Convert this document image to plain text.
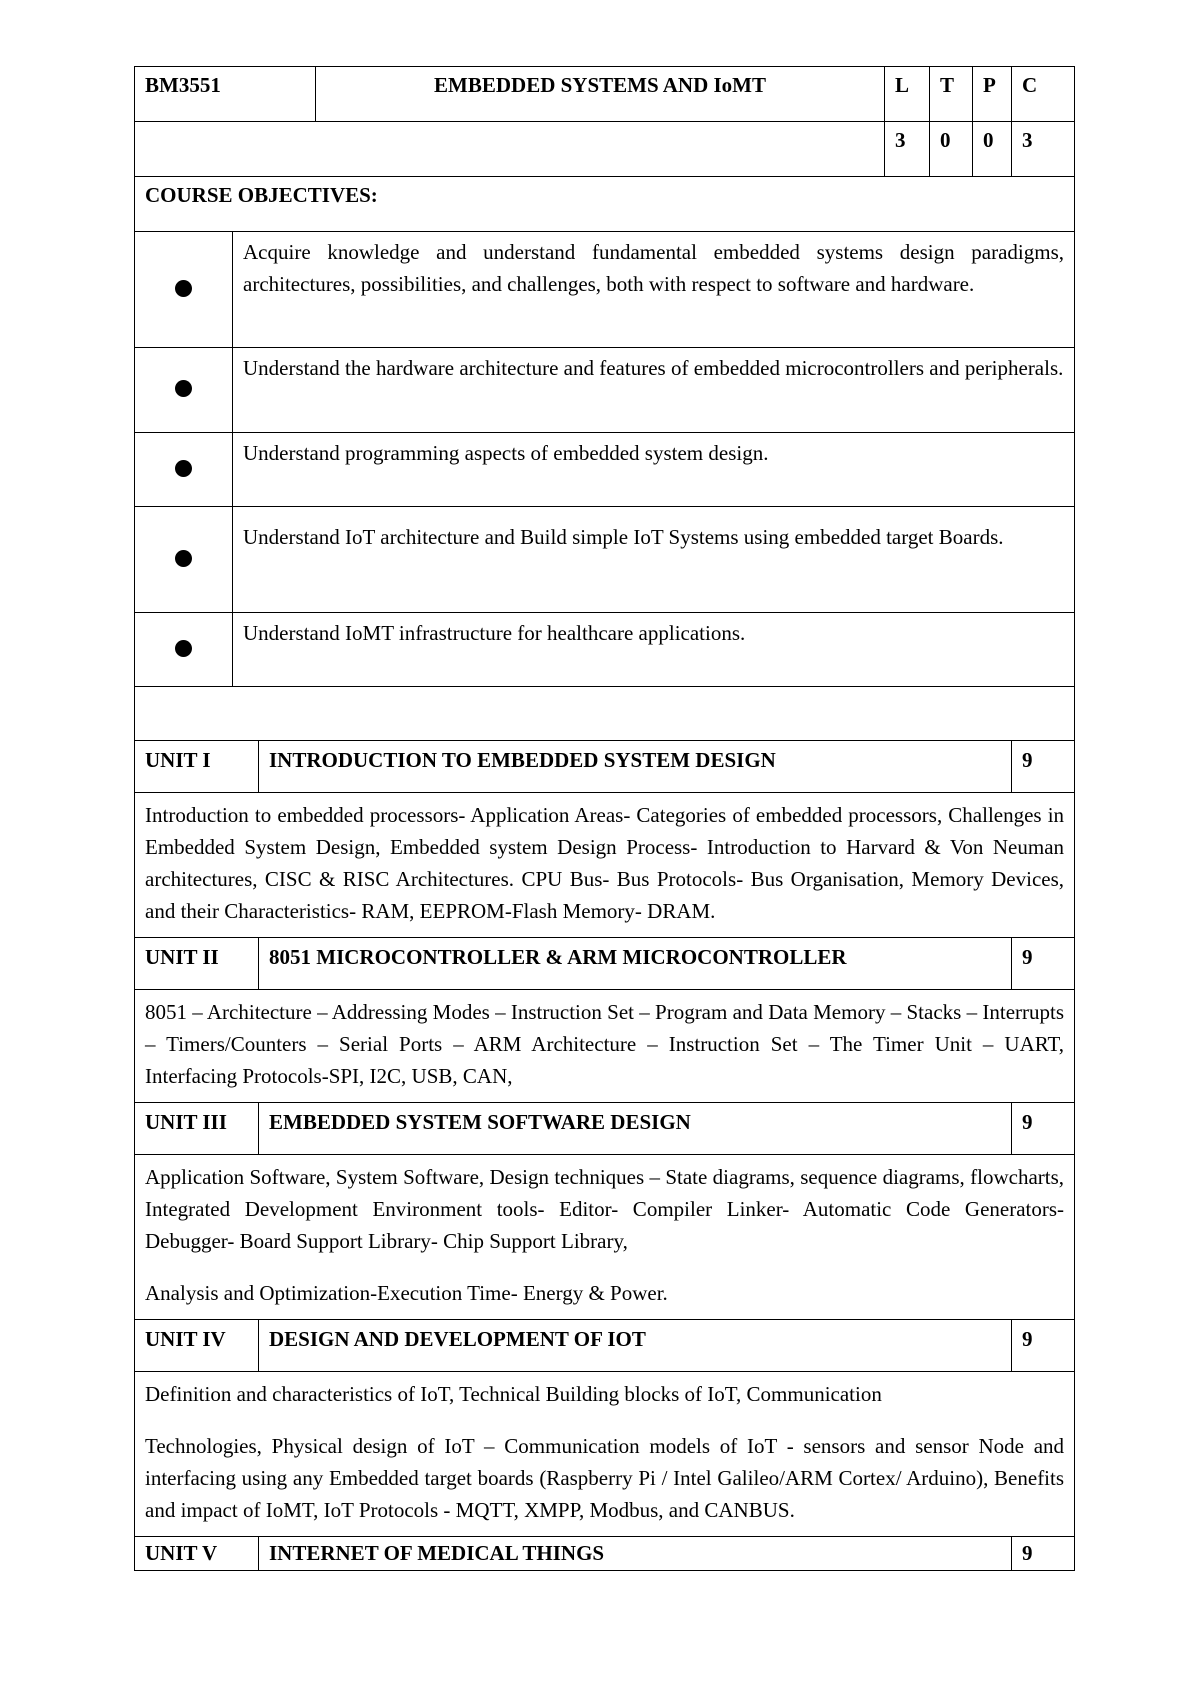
BM3551			EMBEDDED SYSTEMS AND IoMT	L	T	P	C
				3	0	0	3
COURSE OBJECTIVES:							
	Acquire knowledge and understand fundamental embedded systems design paradigms, architectures, possibilities, and challenges, both with respect to software and hardware.						
	Understand the hardware architecture and features of embedded microcontrollers and peripherals.						
	Understand programming aspects of embedded system design.						
	Understand IoT architecture and Build simple IoT Systems using embedded target Boards.						
	Understand IoMT infrastructure for healthcare applications.						

UNIT I		INTRODUCTION TO EMBEDDED SYSTEM DESIGN					9

Introduction to embedded processors- Application Areas- Categories of embedded processors, Challenges in Embedded System Design, Embedded system Design Process- Introduction to Harvard & Von Neuman architectures, CISC & RISC Architectures. CPU Bus- Bus Protocols- Bus Organisation, Memory Devices, and their Characteristics- RAM, EEPROM-Flash Memory- DRAM.							

UNIT II		8051 MICROCONTROLLER & ARM MICROCONTROLLER					9

8051 – Architecture – Addressing Modes – Instruction Set – Program and Data Memory – Stacks – Interrupts – Timers/Counters – Serial Ports – ARM Architecture – Instruction Set – The Timer Unit – UART, Interfacing Protocols-SPI, I2C, USB, CAN,							

UNIT III		EMBEDDED SYSTEM SOFTWARE DESIGN					9

Application Software, System Software, Design techniques – State diagrams, sequence diagrams, flowcharts, Integrated Development Environment tools- Editor- Compiler Linker- Automatic Code Generators- Debugger- Board Support Library- Chip Support Library,

Analysis and Optimization-Execution Time- Energy & Power.							

UNIT IV		DESIGN AND DEVELOPMENT OF IOT					9

Definition and characteristics of IoT, Technical Building blocks of IoT, Communication

Technologies, Physical design of IoT – Communication models of IoT - sensors and sensor Node and interfacing using any Embedded target boards (Raspberry Pi / Intel Galileo/ARM Cortex/ Arduino), Benefits and impact of IoMT, IoT Protocols - MQTT, XMPP, Modbus, and CANBUS.							

UNIT V		INTERNET OF MEDICAL THINGS					9
